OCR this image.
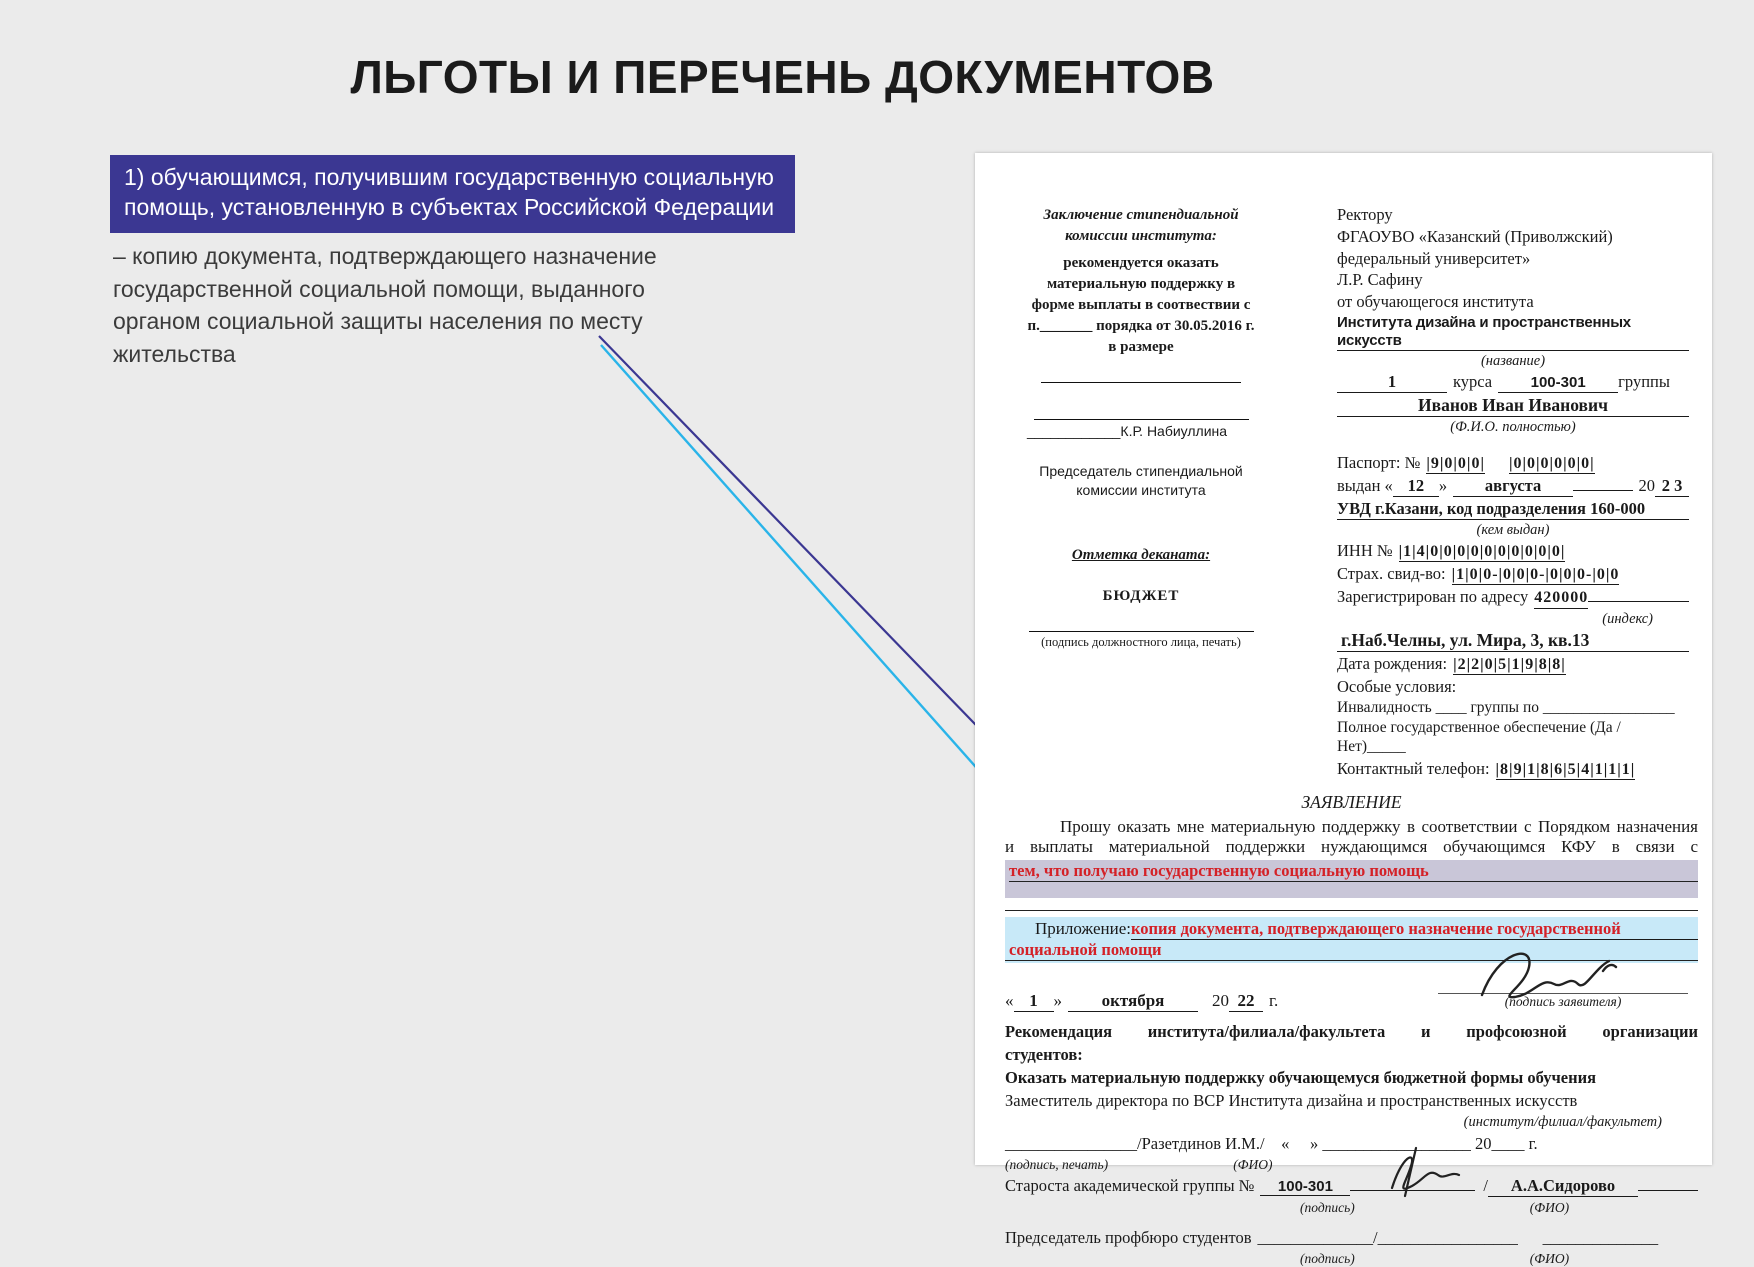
ЛЬГОТЫ И ПЕРЕЧЕНЬ ДОКУМЕНТОВ
1) обучающимся, получившим государственную социальную помощь, установленную в субъектах Российской Федерации
– копию документа, подтверждающего назначение государственной социальной помощи, выданного органом социальной защиты населения по месту жительства
Заключение стипендиальной
комиссии института:
рекомендуется оказать материальную поддержку в форме выплаты в соотвествии с п._______ порядка от 30.05.2016 г. в размере
____________К.Р. Набиуллина
Председатель стипендиальной
комиссии института
Отметка деканата:
БЮДЖЕТ
(подпись должностного лица, печать)
Ректору
ФГАОУВО «Казанский (Приволжский)
федеральный университет»
Л.Р. Сафину
от обучающегося института
Института дизайна и пространственных искусств
(название)
1	курса	100-301	группы
Иванов Иван Иванович
(Ф.И.О. полностью)
Паспорт: № |9|0|0|0| |0|0|0|0|0|0|
выдан « 12 »	августа	20 2 3
УВД г.Казани, код подразделения 160-000
(кем выдан)
ИНН № |1|4|0|0|0|0|0|0|0|0|0|0|
Страх. свид-во: |1|0|0-|0|0|0-|0|0|0-|0|0
Зарегистрирован по адресу 420000
(индекс)
г.Наб.Челны, ул. Мира, 3, кв.13
Дата рождения: |2|2|0|5|1|9|8|8|
Особые условия:
Инвалидность ____ группы по _________________
Полное государственное обеспечение (Да /Нет)_____
Контактный телефон: |8|9|1|8|6|5|4|1|1|1|
ЗАЯВЛЕНИЕ
Прошу оказать мне материальную поддержку в соответствии с Порядком назначения
и выплаты материальной поддержки нуждающимся обучающимся КФУ в связи с
тем, что получаю государственную социальную помощь
Приложение: копия документа, подтверждающего назначение государственной
социальной помощи
« 1 »	октября	20 22 г.	(подпись заявителя)
Рекомендация института/филиала/факультета и профсоюзной организации
студентов:
Оказать материальную поддержку обучающемуся бюджетной формы обучения
Заместитель директора по ВСР Института дизайна и пространственных искусств
(институт/филиал/факультет)
________________ /Разетдинов И.М./ «     » __________________ 20____ г.
(подпись, печать)	(ФИО)
Староста академической группы №	100-301	/	А.А.Сидорово
(подпись)	(ФИО)
Председатель профбюро студентов ______________/_________________      ______________
(подпись)	(ФИО)
